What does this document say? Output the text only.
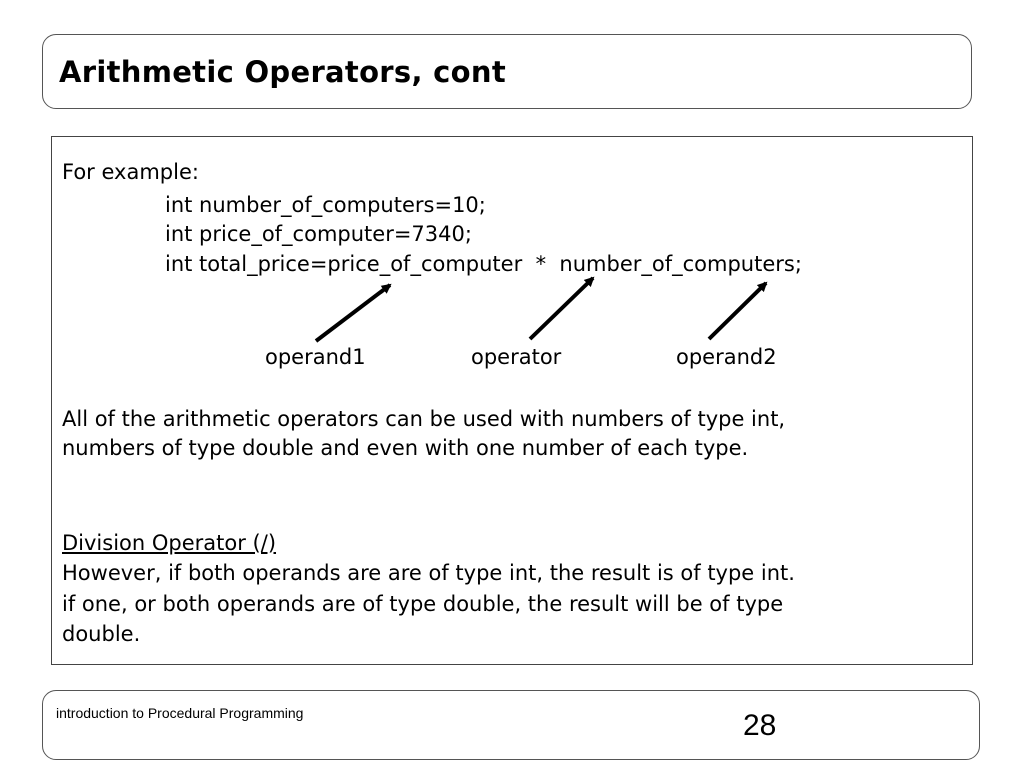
Arithmetic Operators, cont
For example:
int number_of_computers=10;
int price_of_computer=7340;
int total_price=price_of_computer  *  number_of_computers;
operand1	operator	operand2
All of the arithmetic operators can be used with numbers of type int,
numbers of type double and even with one number of each type.
Division Operator (/)
However, if both operands are are of type int, the result is of type int.
if one, or both operands are of type double, the result will be of type
double.
introduction to Procedural Programming	28
